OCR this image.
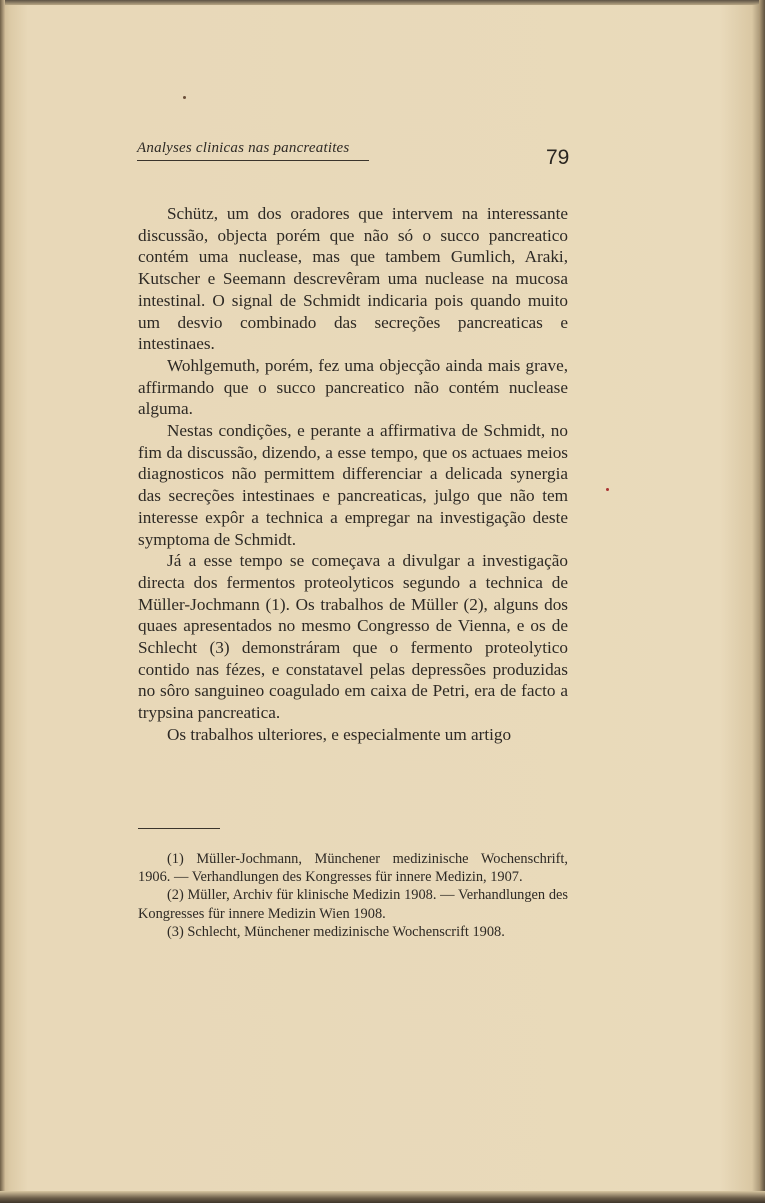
Analyses clinicas nas pancreatites	79

Schütz, um dos oradores que intervem na interessante discussão, objecta porém que não só o succo pancreatico contém uma nuclease, mas que tambem Gumlich, Araki, Kutscher e Seemann descrevêram uma nuclease na mucosa intestinal. O signal de Schmidt indicaria pois quando muito um desvio combinado das secreções pancreaticas e intestinaes.

Wohlgemuth, porém, fez uma objecção ainda mais grave, affirmando que o succo pancreatico não contém nuclease alguma.

Nestas condições, e perante a affirmativa de Schmidt, no fim da discussão, dizendo, a esse tempo, que os actuaes meios diagnosticos não permittem differenciar a delicada synergia das secreções intestinaes e pancreaticas, julgo que não tem interesse expôr a technica a empregar na investigação deste symptoma de Schmidt.

Já a esse tempo se começava a divulgar a investigação directa dos fermentos proteolyticos segundo a technica de Müller-Jochmann (1). Os trabalhos de Müller (2), alguns dos quaes apresentados no mesmo Congresso de Vienna, e os de Schlecht (3) demonstráram que o fermento proteolytico contido nas fézes, e constatavel pelas depressões produzidas no sôro sanguineo coagulado em caixa de Petri, era de facto a trypsina pancreatica.

Os trabalhos ulteriores, e especialmente um artigo

(1) Müller-Jochmann, Münchener medizinische Wochenschrift, 1906. — Verhandlungen des Kongresses für innere Medizin, 1907.

(2) Müller, Archiv für klinische Medizin 1908. — Verhandlungen des Kongresses für innere Medizin Wien 1908.

(3) Schlecht, Münchener medizinische Wochenscrift 1908.
